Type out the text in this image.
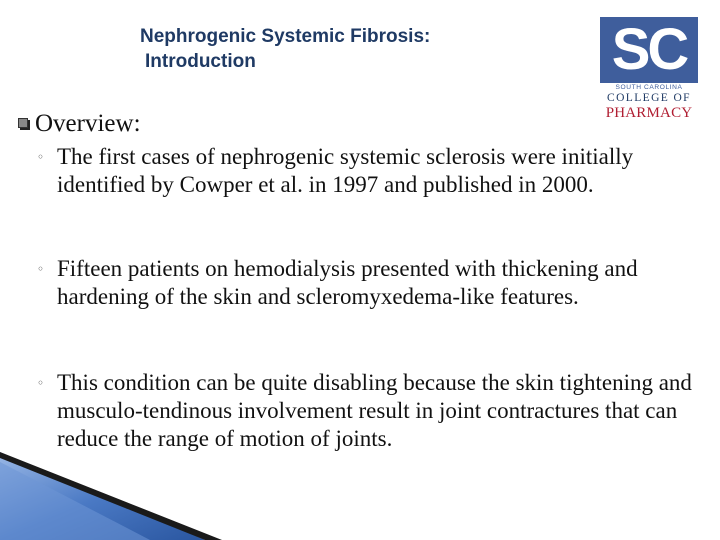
Nephrogenic Systemic Fibrosis:
Introduction	SC
SOUTH CAROLINA
COLLEGE OF
PHARMACY
Overview:
◦ The first cases of nephrogenic systemic sclerosis were initially identified by Cowper et al. in 1997 and published in 2000.
◦ Fifteen patients on hemodialysis presented with thickening and hardening of the skin and scleromyxedema-like features.
◦ This condition can be quite disabling because the skin tightening and musculo-tendinous involvement result in joint contractures that can reduce the range of motion of joints.
